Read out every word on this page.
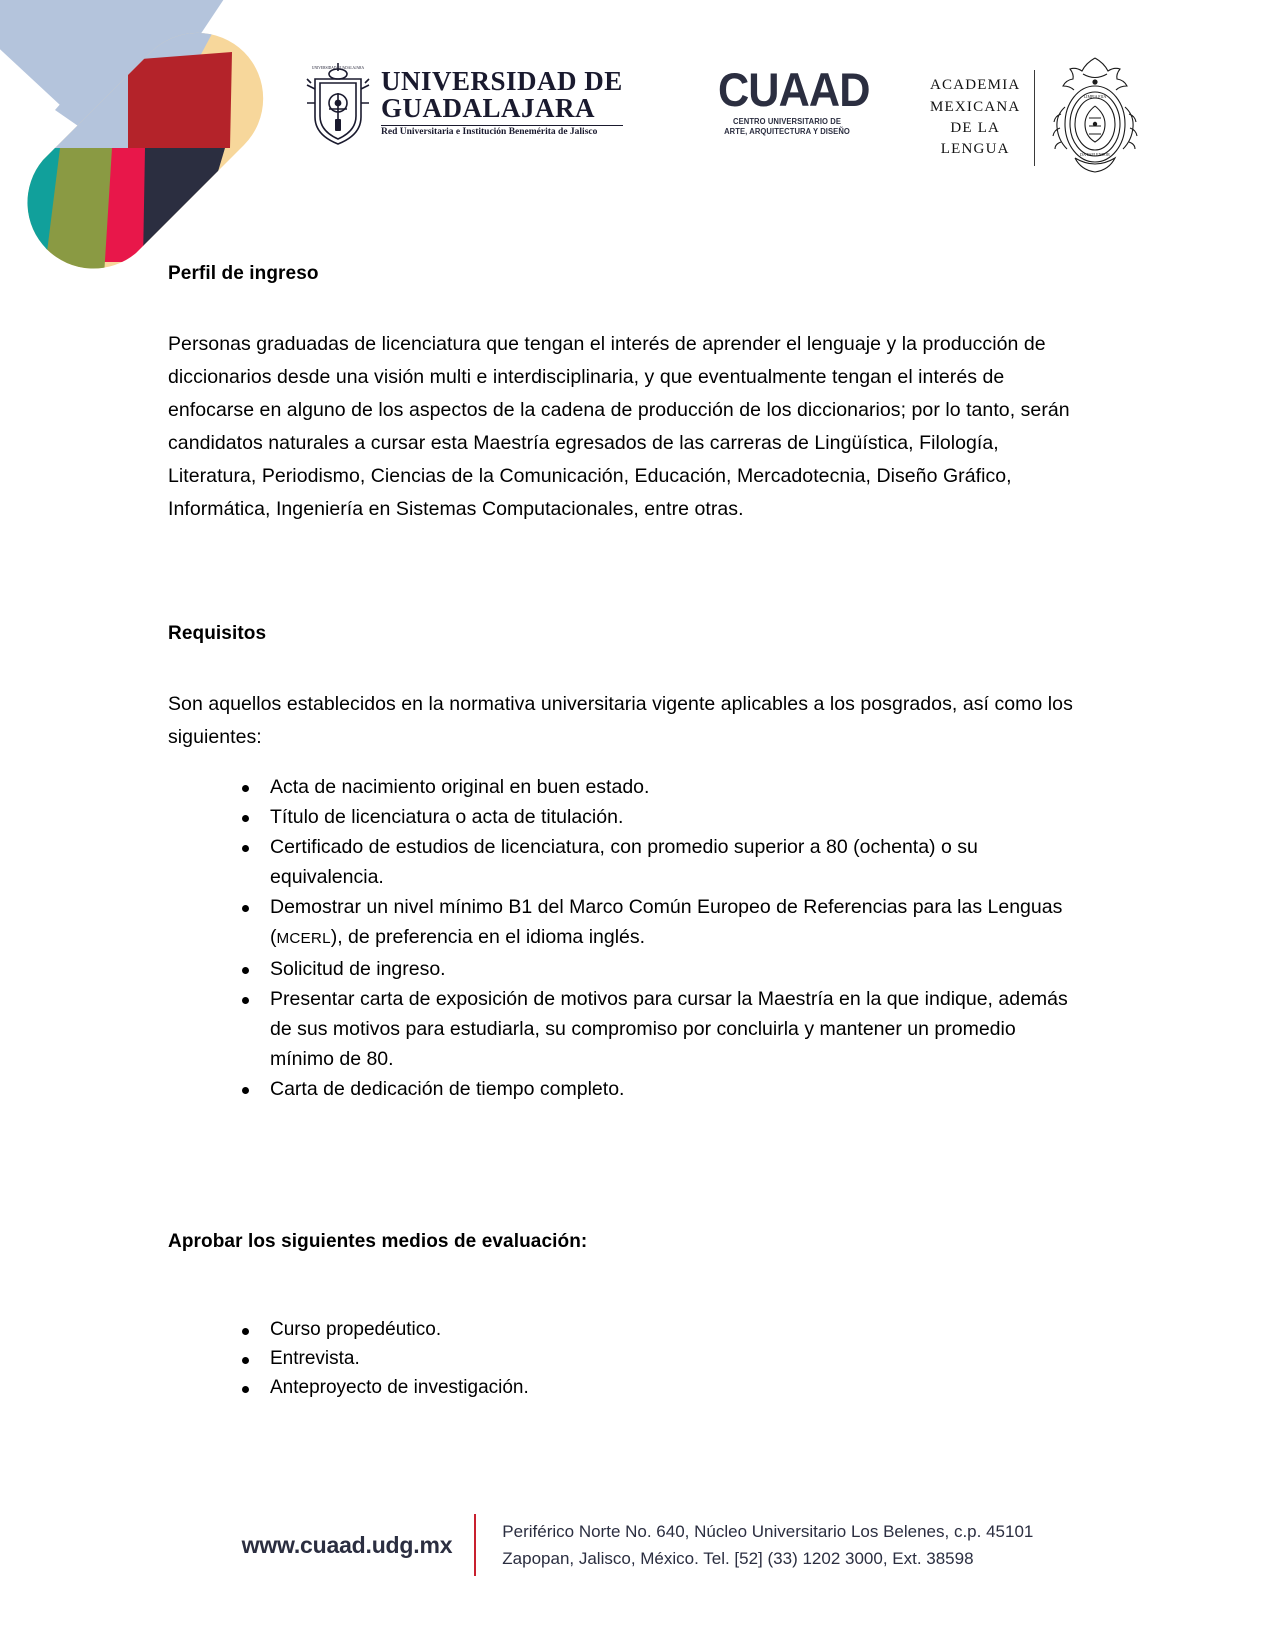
UNIVERSIDAD GUADALAJARA UNIVERSIDAD DE
GUADALAJARA
Red Universitaria e Institución Benemérita de Jalisco
CUAAD
CENTRO UNIVERSITARIO DE
ARTE, ARQUITECTURA Y DISEÑO
ACADEMIA
MEXICANA
DE LA
LENGUA
LIMPIA FIJA
DA ESPLENDOR
Perfil de ingreso
Personas graduadas de licenciatura que tengan el interés de aprender el lenguaje y la producción de diccionarios desde una visión multi e interdisciplinaria, y que eventualmente tengan el interés de enfocarse en alguno de los aspectos de la cadena de producción de los diccionarios; por lo tanto, serán candidatos naturales a cursar esta Maestría egresados de las carreras de Lingüística, Filología, Literatura, Periodismo, Ciencias de la Comunicación, Educación, Mercadotecnia, Diseño Gráfico, Informática, Ingeniería en Sistemas Computacionales, entre otras.
Requisitos
Son aquellos establecidos en la normativa universitaria vigente aplicables a los posgrados, así como los siguientes:
Acta de nacimiento original en buen estado.
Título de licenciatura o acta de titulación.
Certificado de estudios de licenciatura, con promedio superior a 80 (ochenta) o su equivalencia.
Demostrar un nivel mínimo B1 del Marco Común Europeo de Referencias para las Lenguas (MCERL), de preferencia en el idioma inglés.
Solicitud de ingreso.
Presentar carta de exposición de motivos para cursar la Maestría en la que indique, además de sus motivos para estudiarla, su compromiso por concluirla y mantener un promedio mínimo de 80.
Carta de dedicación de tiempo completo.
Aprobar los siguientes medios de evaluación:
Curso propedéutico.
Entrevista.
Anteproyecto de investigación.
www.cuaad.udg.mx
Periférico Norte No. 640, Núcleo Universitario Los Belenes, c.p. 45101
Zapopan, Jalisco, México. Tel. [52] (33) 1202 3000, Ext. 38598
